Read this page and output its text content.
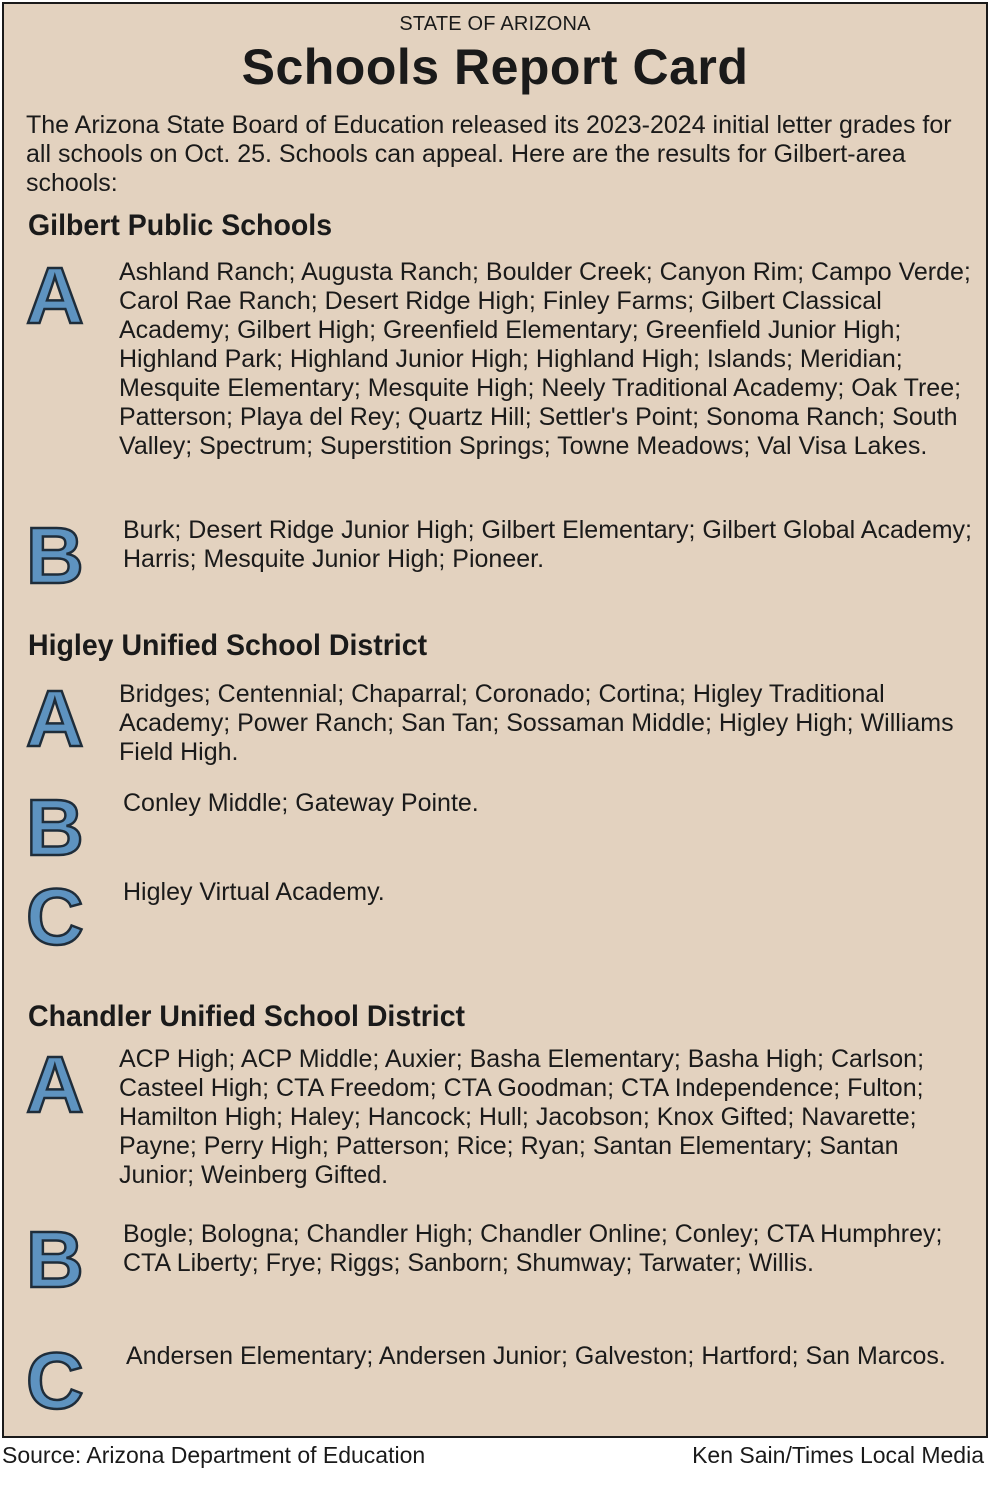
STATE OF ARIZONA
Schools Report Card
The Arizona State Board of Education released its 2023-2024 initial letter grades for all schools on Oct. 25. Schools can appeal. Here are the results for Gilbert-area schools:
Gilbert Public Schools
A Ashland Ranch; Augusta Ranch; Boulder Creek; Canyon Rim; Campo Verde; Carol Rae Ranch; Desert Ridge High; Finley Farms; Gilbert Classical Academy; Gilbert High; Greenfield Elementary; Greenfield Junior High; Highland Park; Highland Junior High; Highland High; Islands; Meridian; Mesquite Elementary; Mesquite High; Neely Traditional Academy; Oak Tree; Patterson; Playa del Rey; Quartz Hill; Settler's Point; Sonoma Ranch; South Valley; Spectrum; Superstition Springs; Towne Meadows; Val Visa Lakes.
B Burk; Desert Ridge Junior High; Gilbert Elementary; Gilbert Global Academy; Harris; Mesquite Junior High; Pioneer.
Higley Unified School District
A Bridges; Centennial; Chaparral; Coronado; Cortina; Higley Traditional Academy; Power Ranch; San Tan; Sossaman Middle; Higley High; Williams Field High.
B Conley Middle; Gateway Pointe.
C Higley Virtual Academy.
Chandler Unified School District
A ACP High; ACP Middle; Auxier; Basha Elementary; Basha High; Carlson; Casteel High; CTA Freedom; CTA Goodman; CTA Independence; Fulton; Hamilton High; Haley; Hancock; Hull; Jacobson; Knox Gifted; Navarette; Payne; Perry High; Patterson; Rice; Ryan; Santan Elementary; Santan Junior; Weinberg Gifted.
B Bogle; Bologna; Chandler High; Chandler Online; Conley; CTA Humphrey; CTA Liberty; Frye; Riggs; Sanborn; Shumway; Tarwater; Willis.
C Andersen Elementary; Andersen Junior; Galveston; Hartford; San Marcos.
Source: Arizona Department of Education	Ken Sain/Times Local Media
